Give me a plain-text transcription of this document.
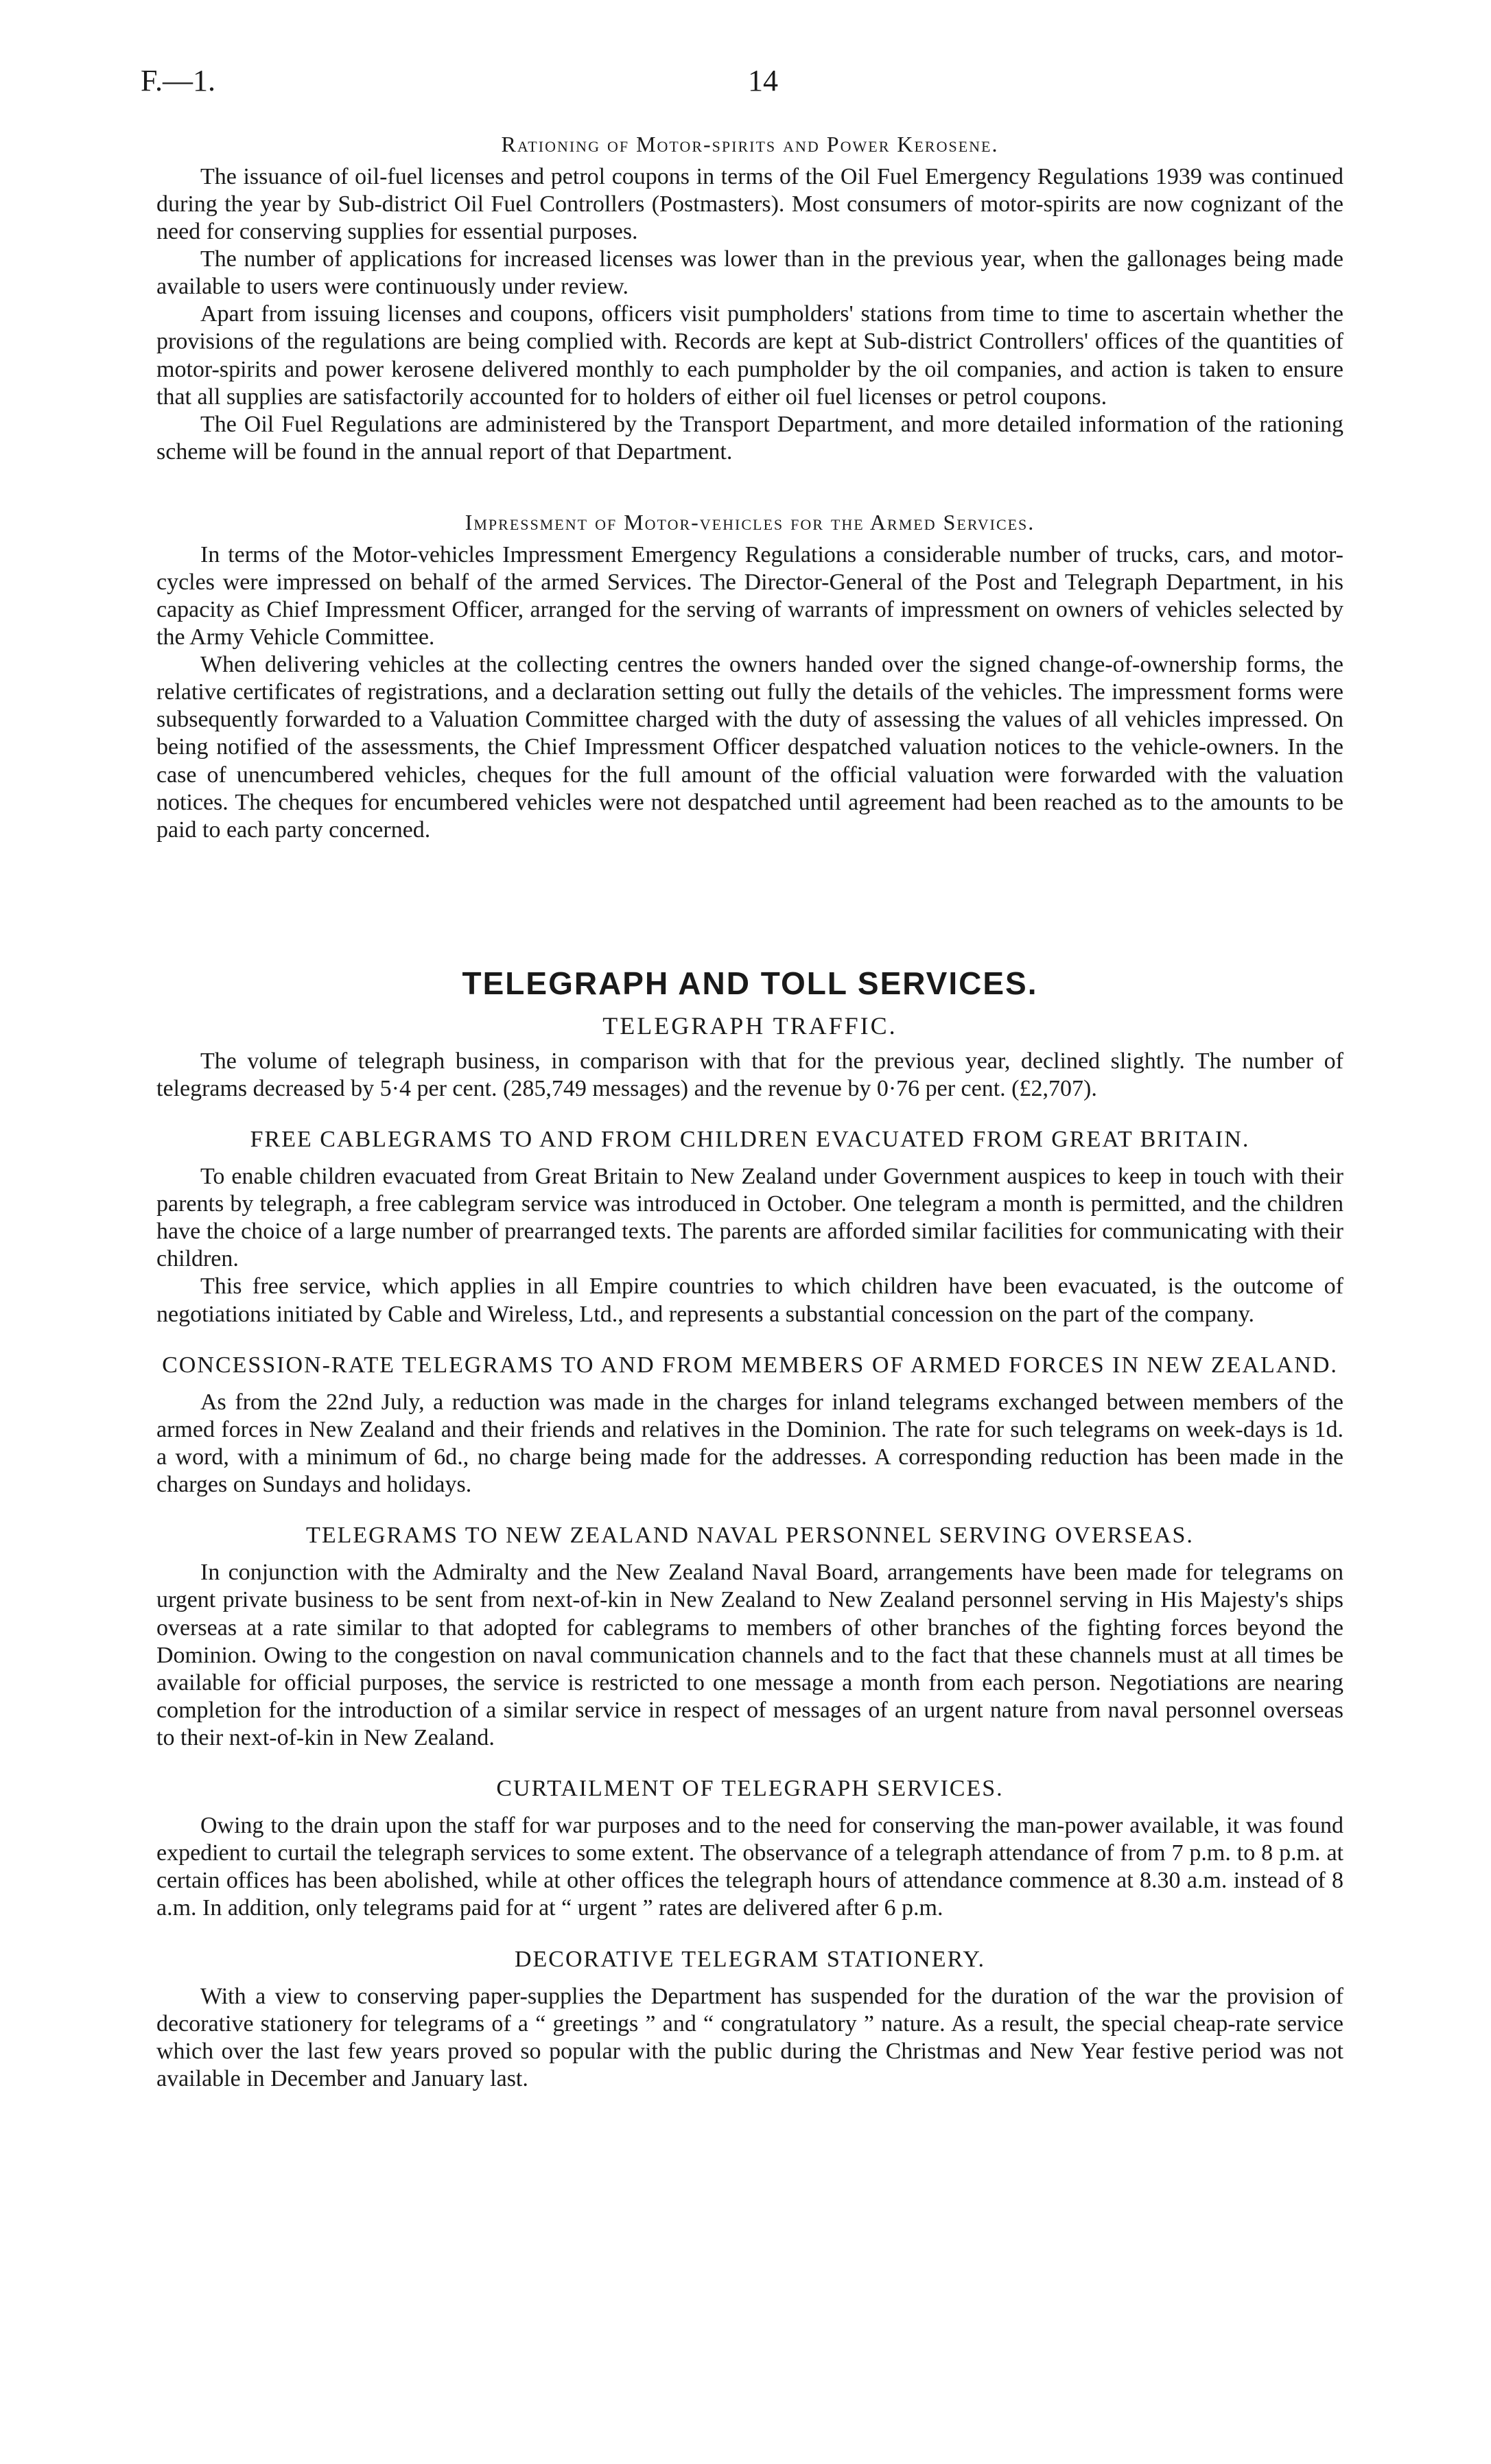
F.—1.	14
Rationing of Motor-spirits and Power Kerosene.

The issuance of oil-fuel licenses and petrol coupons in terms of the Oil Fuel Emergency Regulations 1939 was continued during the year by Sub-district Oil Fuel Controllers (Postmasters). Most consumers of motor-spirits are now cognizant of the need for conserving supplies for essential purposes.

The number of applications for increased licenses was lower than in the previous year, when the gallonages being made available to users were continuously under review.

Apart from issuing licenses and coupons, officers visit pumpholders' stations from time to time to ascertain whether the provisions of the regulations are being complied with. Records are kept at Sub-district Controllers' offices of the quantities of motor-spirits and power kerosene delivered monthly to each pumpholder by the oil companies, and action is taken to ensure that all supplies are satisfactorily accounted for to holders of either oil fuel licenses or petrol coupons.

The Oil Fuel Regulations are administered by the Transport Department, and more detailed information of the rationing scheme will be found in the annual report of that Department.

Impressment of Motor-vehicles for the Armed Services.

In terms of the Motor-vehicles Impressment Emergency Regulations a considerable number of trucks, cars, and motor-cycles were impressed on behalf of the armed Services. The Director-General of the Post and Telegraph Department, in his capacity as Chief Impressment Officer, arranged for the serving of warrants of impressment on owners of vehicles selected by the Army Vehicle Committee.

When delivering vehicles at the collecting centres the owners handed over the signed change-of-ownership forms, the relative certificates of registrations, and a declaration setting out fully the details of the vehicles. The impressment forms were subsequently forwarded to a Valuation Committee charged with the duty of assessing the values of all vehicles impressed. On being notified of the assessments, the Chief Impressment Officer despatched valuation notices to the vehicle-owners. In the case of unencumbered vehicles, cheques for the full amount of the official valuation were forwarded with the valuation notices. The cheques for encumbered vehicles were not despatched until agreement had been reached as to the amounts to be paid to each party concerned.

TELEGRAPH AND TOLL SERVICES.
TELEGRAPH TRAFFIC.

The volume of telegraph business, in comparison with that for the previous year, declined slightly. The number of telegrams decreased by 5·4 per cent. (285,749 messages) and the revenue by 0·76 per cent. (£2,707).

FREE CABLEGRAMS TO AND FROM CHILDREN EVACUATED FROM GREAT BRITAIN.

To enable children evacuated from Great Britain to New Zealand under Government auspices to keep in touch with their parents by telegraph, a free cablegram service was introduced in October. One telegram a month is permitted, and the children have the choice of a large number of prearranged texts. The parents are afforded similar facilities for communicating with their children.

This free service, which applies in all Empire countries to which children have been evacuated, is the outcome of negotiations initiated by Cable and Wireless, Ltd., and represents a substantial concession on the part of the company.

CONCESSION-RATE TELEGRAMS TO AND FROM MEMBERS OF ARMED FORCES IN NEW ZEALAND.

As from the 22nd July, a reduction was made in the charges for inland telegrams exchanged between members of the armed forces in New Zealand and their friends and relatives in the Dominion. The rate for such telegrams on week-days is 1d. a word, with a minimum of 6d., no charge being made for the addresses. A corresponding reduction has been made in the charges on Sundays and holidays.

TELEGRAMS TO NEW ZEALAND NAVAL PERSONNEL SERVING OVERSEAS.

In conjunction with the Admiralty and the New Zealand Naval Board, arrangements have been made for telegrams on urgent private business to be sent from next-of-kin in New Zealand to New Zealand personnel serving in His Majesty's ships overseas at a rate similar to that adopted for cablegrams to members of other branches of the fighting forces beyond the Dominion. Owing to the congestion on naval communication channels and to the fact that these channels must at all times be available for official purposes, the service is restricted to one message a month from each person. Negotiations are nearing completion for the introduction of a similar service in respect of messages of an urgent nature from naval personnel overseas to their next-of-kin in New Zealand.

CURTAILMENT OF TELEGRAPH SERVICES.

Owing to the drain upon the staff for war purposes and to the need for conserving the man-power available, it was found expedient to curtail the telegraph services to some extent. The observance of a telegraph attendance of from 7 p.m. to 8 p.m. at certain offices has been abolished, while at other offices the telegraph hours of attendance commence at 8.30 a.m. instead of 8 a.m. In addition, only telegrams paid for at “ urgent ” rates are delivered after 6 p.m.

DECORATIVE TELEGRAM STATIONERY.

With a view to conserving paper-supplies the Department has suspended for the duration of the war the provision of decorative stationery for telegrams of a “ greetings ” and “ congratulatory ” nature. As a result, the special cheap-rate service which over the last few years proved so popular with the public during the Christmas and New Year festive period was not available in December and January last.
